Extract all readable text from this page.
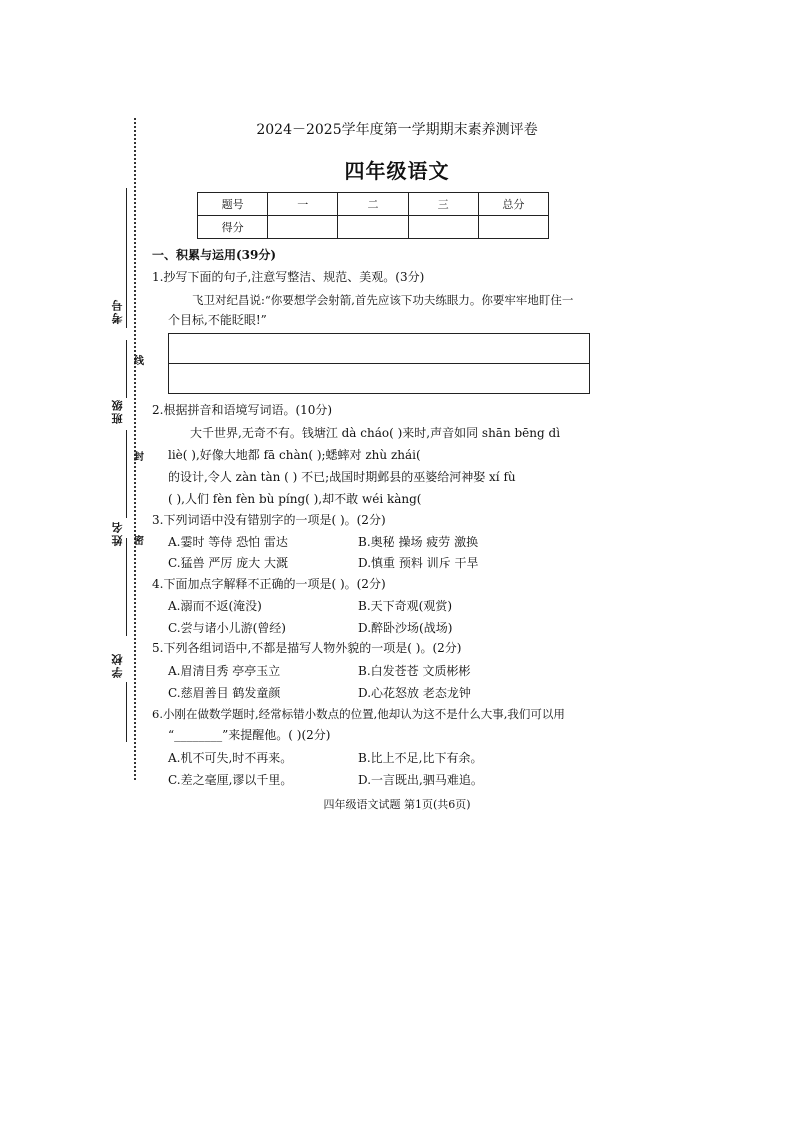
考号
班级
姓名
学校
线
封
密
2024－2025学年度第一学期期末素养测评卷
四年级语文
题号	一	二	三	总分
得分				
一、积累与运用(39分)
1.抄写下面的句子,注意写整洁、规范、美观。(3分)
飞卫对纪昌说:“你要想学会射箭,首先应该下功夫练眼力。你要牢牢地盯住一
个目标,不能眨眼!”
2.根据拼音和语境写词语。(10分)
大千世界,无奇不有。钱塘江 dà cháo( )来时,声音如同 shān bēng dì
liè( ),好像大地都 fā chàn( );蟋蟀对 zhù zhái(
的设计,令人 zàn tàn ( ) 不已;战国时期邺县的巫婆给河神娶 xí fù
( ),人们 fèn fèn bù píng( ),却不敢 wéi kàng(
3.下列词语中没有错别字的一项是( )。(2分)
A.霎时 等侍 恐怕 雷达	B.奥秘 操场 疲劳 激换
C.猛兽 严厉 庞大 大溉	D.慎重 预料 训斥 干旱
4.下面加点字解释不正确的一项是( )。(2分)
A.溺而不返(淹没)	B.天下奇观(观赏)
C.尝与诸小儿游(曾经)	D.醉卧沙场(战场)
5.下列各组词语中,不都是描写人物外貌的一项是( )。(2分)
A.眉清目秀 亭亭玉立	B.白发苍苍 文质彬彬
C.慈眉善目 鹤发童颜	D.心花怒放 老态龙钟
6.小刚在做数学题时,经常标错小数点的位置,他却认为这不是什么大事,我们可以用
“________”来提醒他。( )(2分)
A.机不可失,时不再来。	B.比上不足,比下有余。
C.差之毫厘,谬以千里。	D.一言既出,驷马难追。
四年级语文试题 第1页(共6页)
